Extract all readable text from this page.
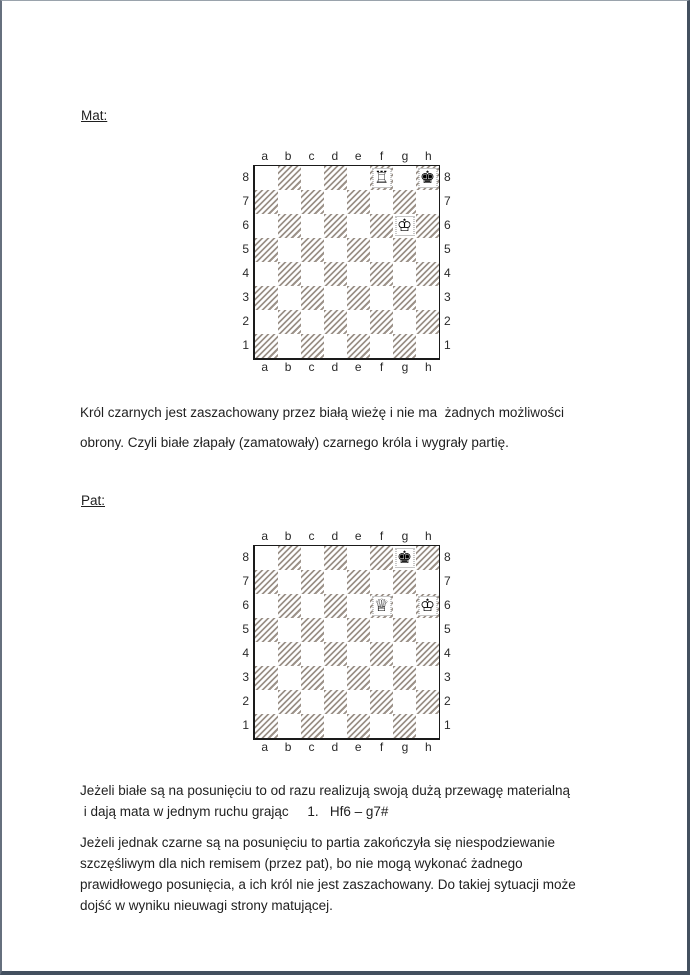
Mat:
a	b	c	d	e	f	g	h
8
7
6
5
4
3
2
1
♖ ♚
♔
8
7
6
5
4
3
2
1
a	b	c	d	e	f	g	h
Król czarnych jest zaszachowany przez białą wieżę i nie ma  żadnych możliwości
obrony. Czyli białe złapały (zamatowały) czarnego króla i wygrały partię.
Pat:
a	b	c	d	e	f	g	h
8
7
6
5
4
3
2
1
♚
♕ ♔
8
7
6
5
4
3
2
1
a	b	c	d	e	f	g	h
Jeżeli białe są na posunięciu to od razu realizują swoją dużą przewagę materialną
i dają mata w jednym ruchu grając     1.   Hf6 – g7#
Jeżeli jednak czarne są na posunięciu to partia zakończyła się niespodziewanie
szczęśliwym dla nich remisem (przez pat), bo nie mogą wykonać żadnego
prawidłowego posunięcia, a ich król nie jest zaszachowany. Do takiej sytuacji może
dojść w wyniku nieuwagi strony matującej.
